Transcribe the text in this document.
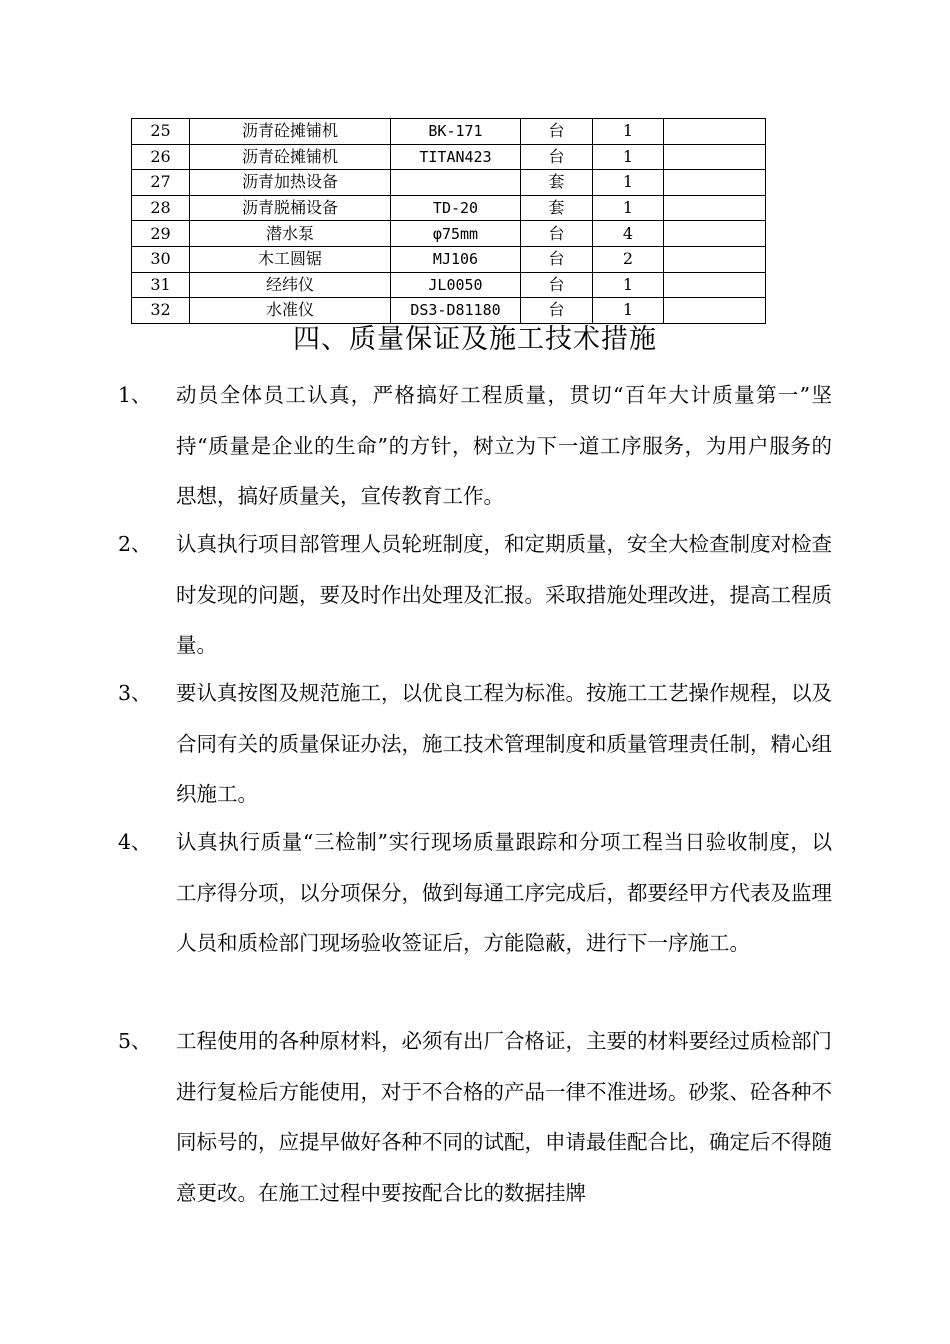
25	沥青砼摊铺机	BK-171	台	1	
26	沥青砼摊铺机	TITAN423	台	1	
27	沥青加热设备		套	1	
28	沥青脱桶设备	TD-20	套	1	
29	潜水泵	φ75mm	台	4	
30	木工圆锯	MJ106	台	2	
31	经纬仪	JL0050	台	1	
32	水准仪	DS3-D81180	台	1	
四、质量保证及施工技术措施
1、 动员全体员工认真，严格搞好工程质量，贯切“百年大计质量第一”坚持“质量是企业的生命”的方针，树立为下一道工序服务，为用户服务的思想，搞好质量关，宣传教育工作。
2、 认真执行项目部管理人员轮班制度，和定期质量，安全大检查制度对检查时发现的问题，要及时作出处理及汇报。采取措施处理改进，提高工程质量。
3、 要认真按图及规范施工，以优良工程为标准。按施工工艺操作规程，以及合同有关的质量保证办法，施工技术管理制度和质量管理责任制，精心组织施工。
4、 认真执行质量“三检制”实行现场质量跟踪和分项工程当日验收制度，以工序得分项，以分项保分，做到每通工序完成后，都要经甲方代表及监理人员和质检部门现场验收签证后，方能隐蔽，进行下一序施工。
5、 工程使用的各种原材料，必须有出厂合格证，主要的材料要经过质检部门进行复检后方能使用，对于不合格的产品一律不准进场。砂浆、砼各种不同标号的，应提早做好各种不同的试配，申请最佳配合比，确定后不得随意更改。在施工过程中要按配合比的数据挂牌
